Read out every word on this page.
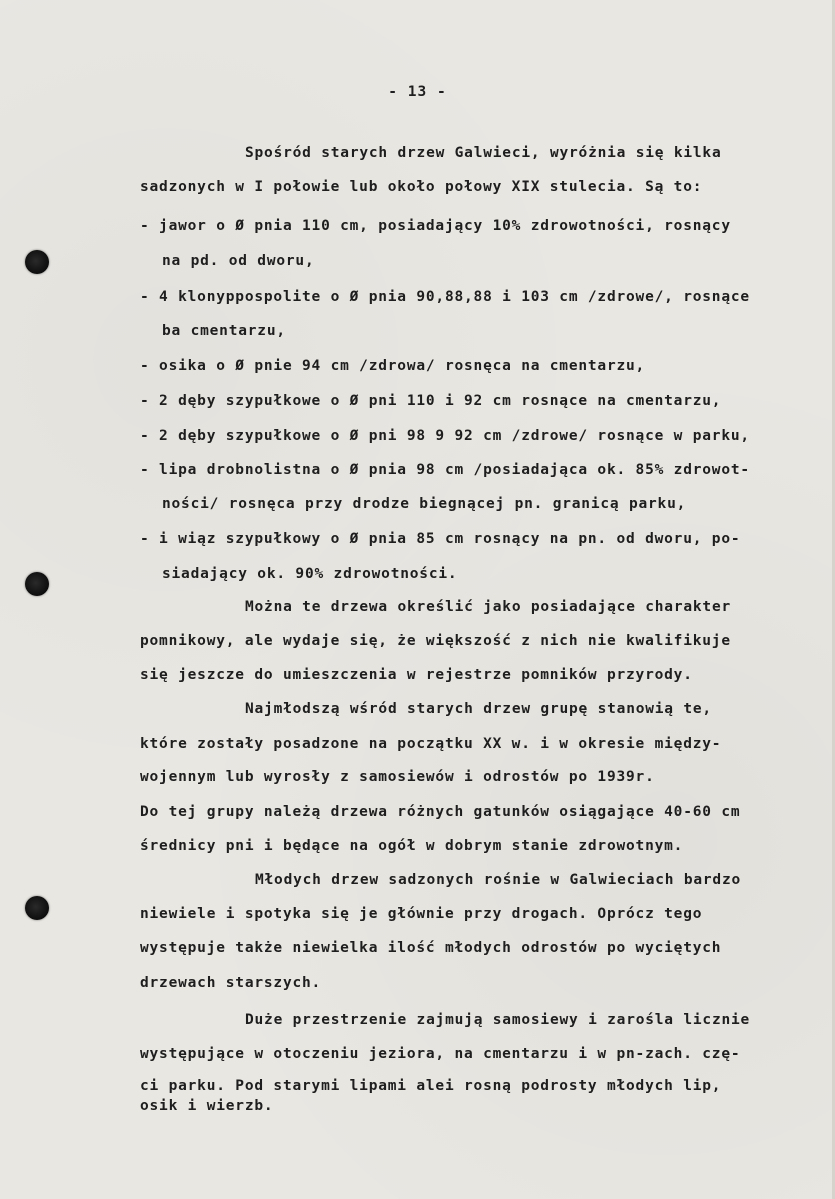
- 13 -
Spośród starych drzew Galwieci, wyróżnia się kilka
sadzonych w I połowie lub około połowy XIX stulecia. Są to:
- jawor o Ø pnia 110 cm, posiadający 10% zdrowotności, rosnący
na pd. od dworu,
- 4 klonyppospolite o Ø pnia 90,88,88 i 103 cm /zdrowe/, rosnące
ba cmentarzu,
- osika o Ø pnie 94 cm /zdrowa/ rosnęca na cmentarzu,
- 2 dęby szypułkowe o Ø pni 110 i 92 cm rosnące na cmentarzu,
- 2 dęby szypułkowe o Ø pni 98 9 92 cm /zdrowe/ rosnące w parku,
- lipa drobnolistna o Ø pnia 98 cm /posiadająca ok. 85% zdrowot-
ności/ rosnęca przy drodze biegnącej pn. granicą parku,
- i wiąz szypułkowy o Ø pnia 85 cm rosnący na pn. od dworu, po-
siadający ok. 90% zdrowotności.
Można te drzewa określić jako posiadające charakter
pomnikowy, ale wydaje się, że większość z nich nie kwalifikuje
się jeszcze do umieszczenia w rejestrze pomników przyrody.
Najmłodszą wśród starych drzew grupę stanowią te,
które zostały posadzone na początku XX w. i w okresie między-
wojennym lub wyrosły z samosiewów i odrostów po 1939r.
Do tej grupy należą drzewa różnych gatunków osiągające 40-60 cm
średnicy pni i będące na ogół w dobrym stanie zdrowotnym.
Młodych drzew sadzonych rośnie w Galwieciach bardzo
niewiele i spotyka się je głównie przy drogach. Oprócz tego
występuje także niewielka ilość młodych odrostów po wyciętych
drzewach starszych.
Duże przestrzenie zajmują samosiewy i zarośla licznie
występujące w otoczeniu jeziora, na cmentarzu i w pn-zach. czę-
ci parku. Pod starymi lipami alei rosną podrosty młodych lip,
osik i wierzb.
